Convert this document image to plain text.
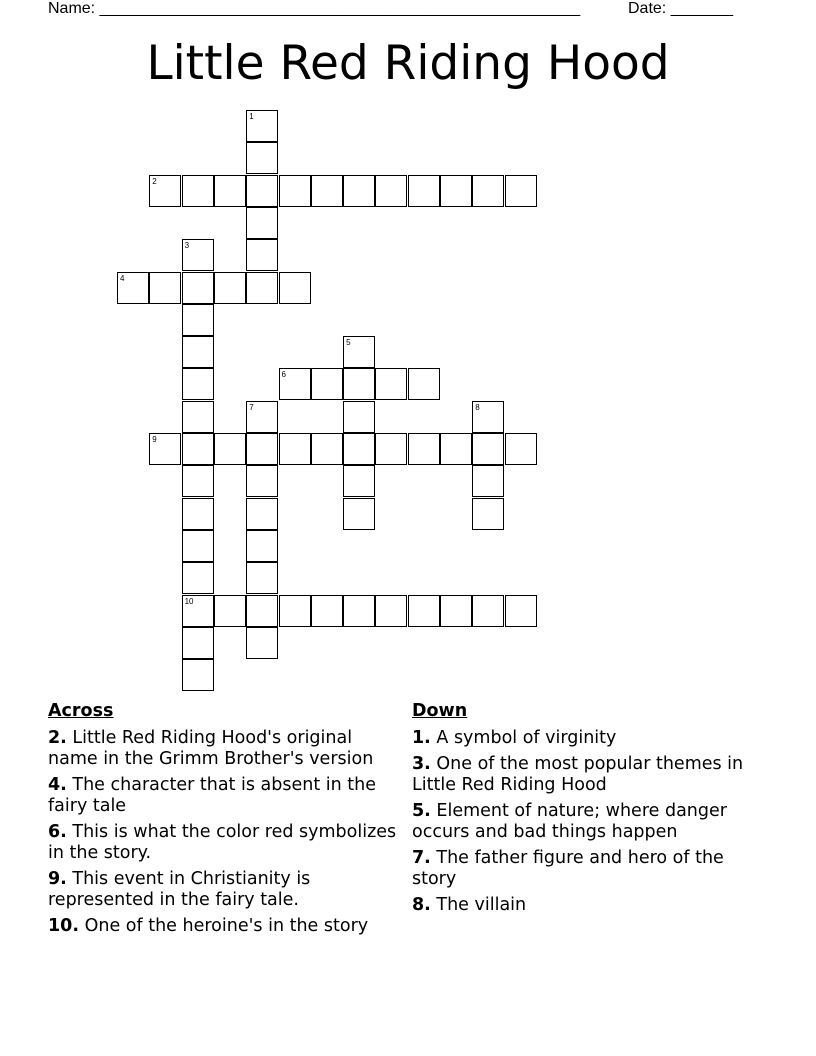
Name: ______________________________________________________	Date: _______
Little Red Riding Hood
1
2
3
4
5
6
7	8
9
10
Across
2. Little Red Riding Hood's original name in the Grimm Brother's version
4. The character that is absent in the fairy tale
6. This is what the color red symbolizes in the story.
9. This event in Christianity is represented in the fairy tale.
10. One of the heroine's in the story
Down
1. A symbol of virginity
3. One of the most popular themes in Little Red Riding Hood
5. Element of nature; where danger occurs and bad things happen
7. The father figure and hero of the story
8. The villain
